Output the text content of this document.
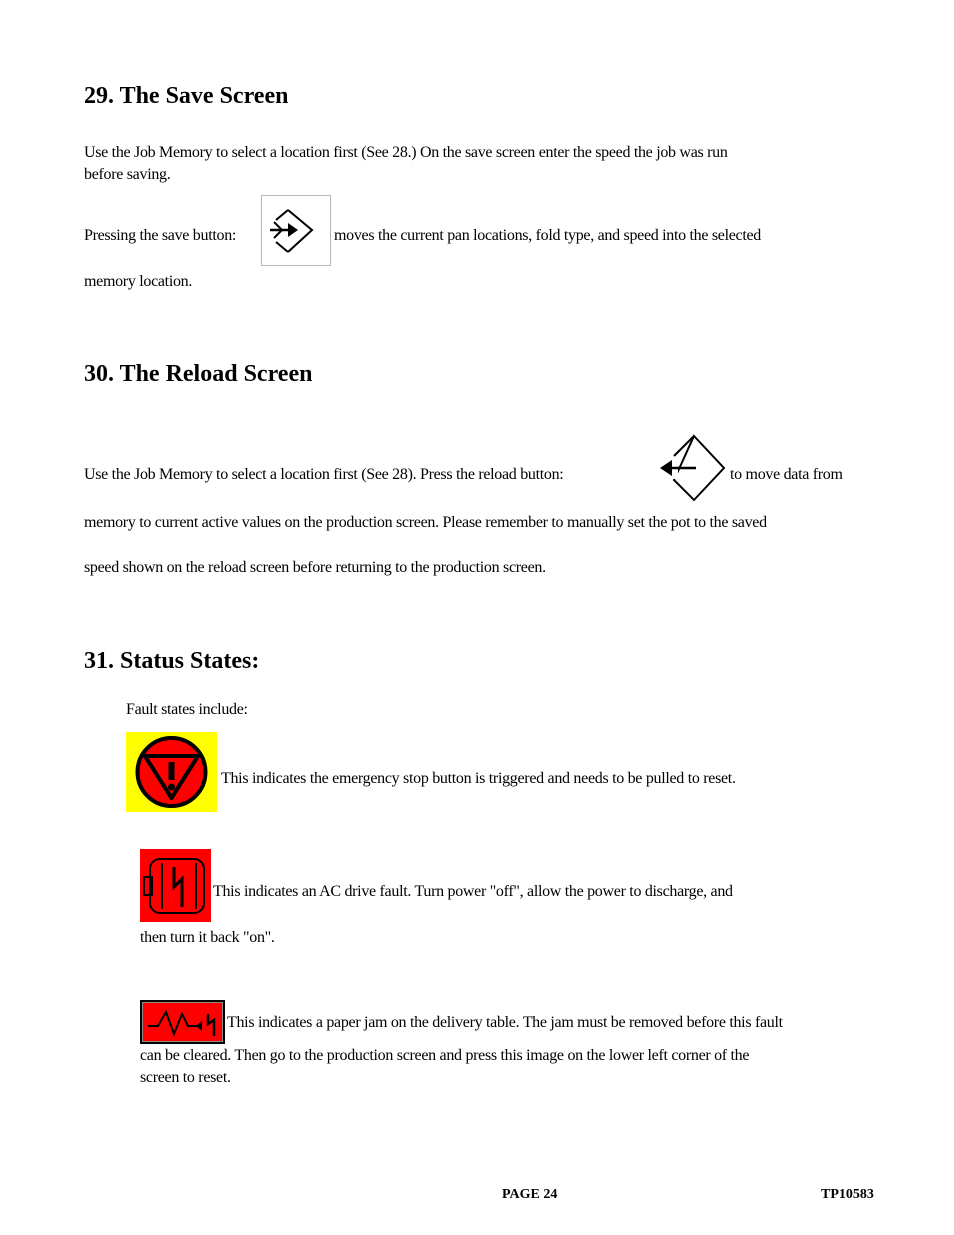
29. The Save Screen
Use the Job Memory to select a location first (See 28.) On the save screen enter the speed the job was run
before saving.
Pressing the save button:	moves the current pan locations, fold type, and speed into the selected
memory location.
30. The Reload Screen
Use the Job Memory to select a location first (See 28). Press the reload button:	to move data from
memory to current active values on the production screen. Please remember to manually set the pot to the saved
speed shown on the reload screen before returning to the production screen.
31. Status States:
Fault states include:
This indicates the emergency stop button is triggered and needs to be pulled to reset.
This indicates an AC drive fault. Turn power "off", allow the power to discharge, and
then turn it back "on".
This indicates a paper jam on the delivery table. The jam must be removed before this fault
can be cleared. Then go to the production screen and press this image on the lower left corner of the
screen to reset.
PAGE 24	TP10583
